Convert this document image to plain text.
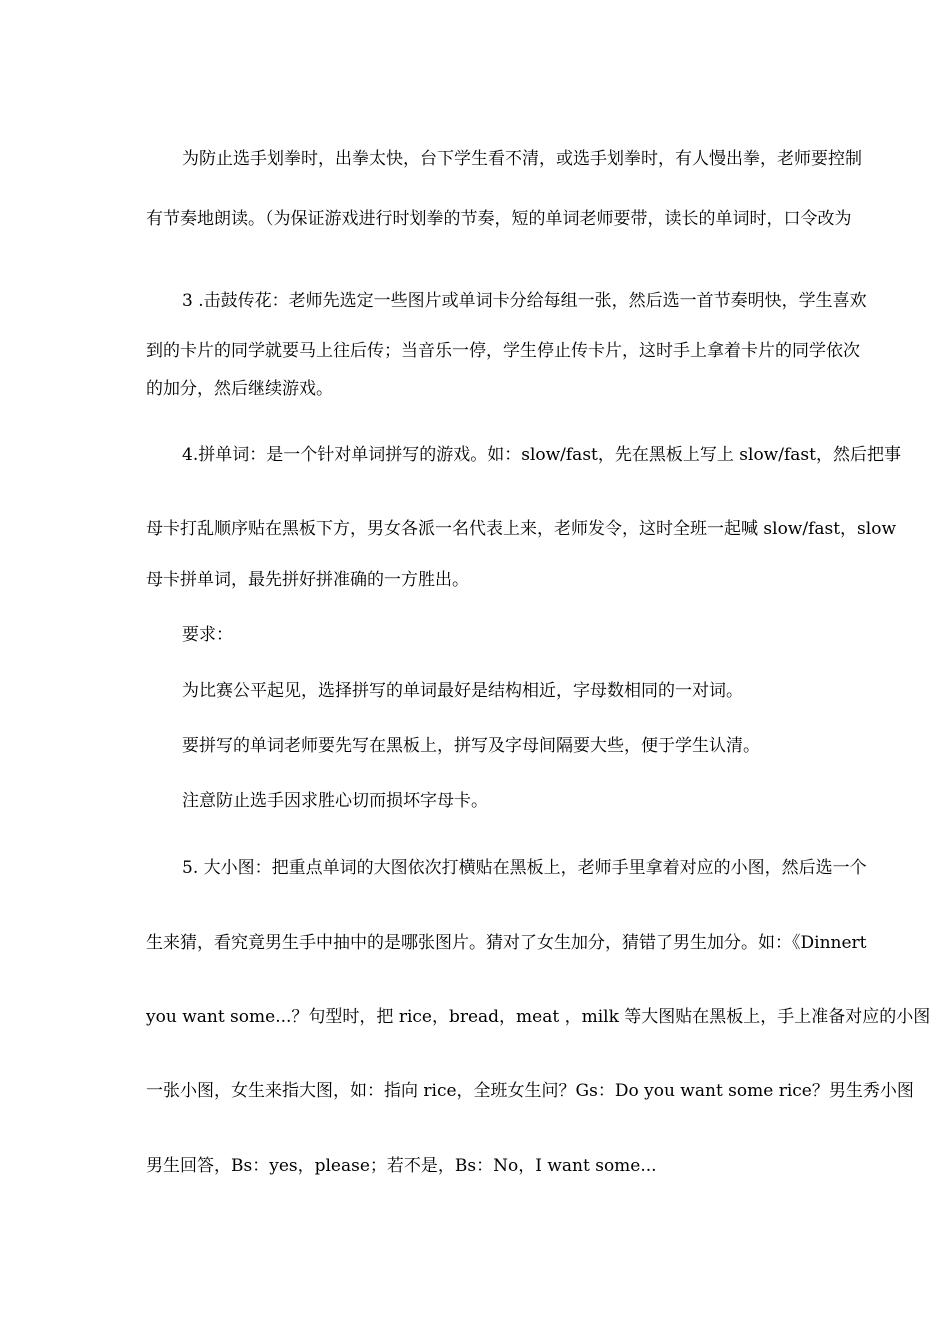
为防止选手划拳时，出拳太快，台下学生看不清，或选手划拳时，有人慢出拳，老师要控制
有节奏地朗读。（为保证游戏进行时划拳的节奏，短的单词老师要带，读长的单词时，口令改为
3 .击鼓传花：老师先选定一些图片或单词卡分给每组一张，然后选一首节奏明快，学生喜欢
到的卡片的同学就要马上往后传；当音乐一停，学生停止传卡片，这时手上拿着卡片的同学依次
的加分，然后继续游戏。
4.拼单词：是一个针对单词拼写的游戏。如：slow/fast，先在黑板上写上 slow/fast，然后把事
母卡打乱顺序贴在黑板下方，男女各派一名代表上来，老师发令，这时全班一起喊 slow/fast，slow
母卡拼单词，最先拼好拼准确的一方胜出。
要求：
为比赛公平起见，选择拼写的单词最好是结构相近，字母数相同的一对词。
要拼写的单词老师要先写在黑板上，拼写及字母间隔要大些，便于学生认清。
注意防止选手因求胜心切而损坏字母卡。
5. 大小图：把重点单词的大图依次打横贴在黑板上，老师手里拿着对应的小图，然后选一个
生来猜，看究竟男生手中抽中的是哪张图片。猜对了女生加分，猜错了男生加分。如：《Dinnert
you want some...？句型时，把 rice，bread，meat ，milk 等大图贴在黑板上，手上准备对应的小图
一张小图，女生来指大图，如：指向 rice，全班女生问？Gs：Do you want some rice？男生秀小图
男生回答，Bs：yes，please；若不是，Bs：No，I want some...
